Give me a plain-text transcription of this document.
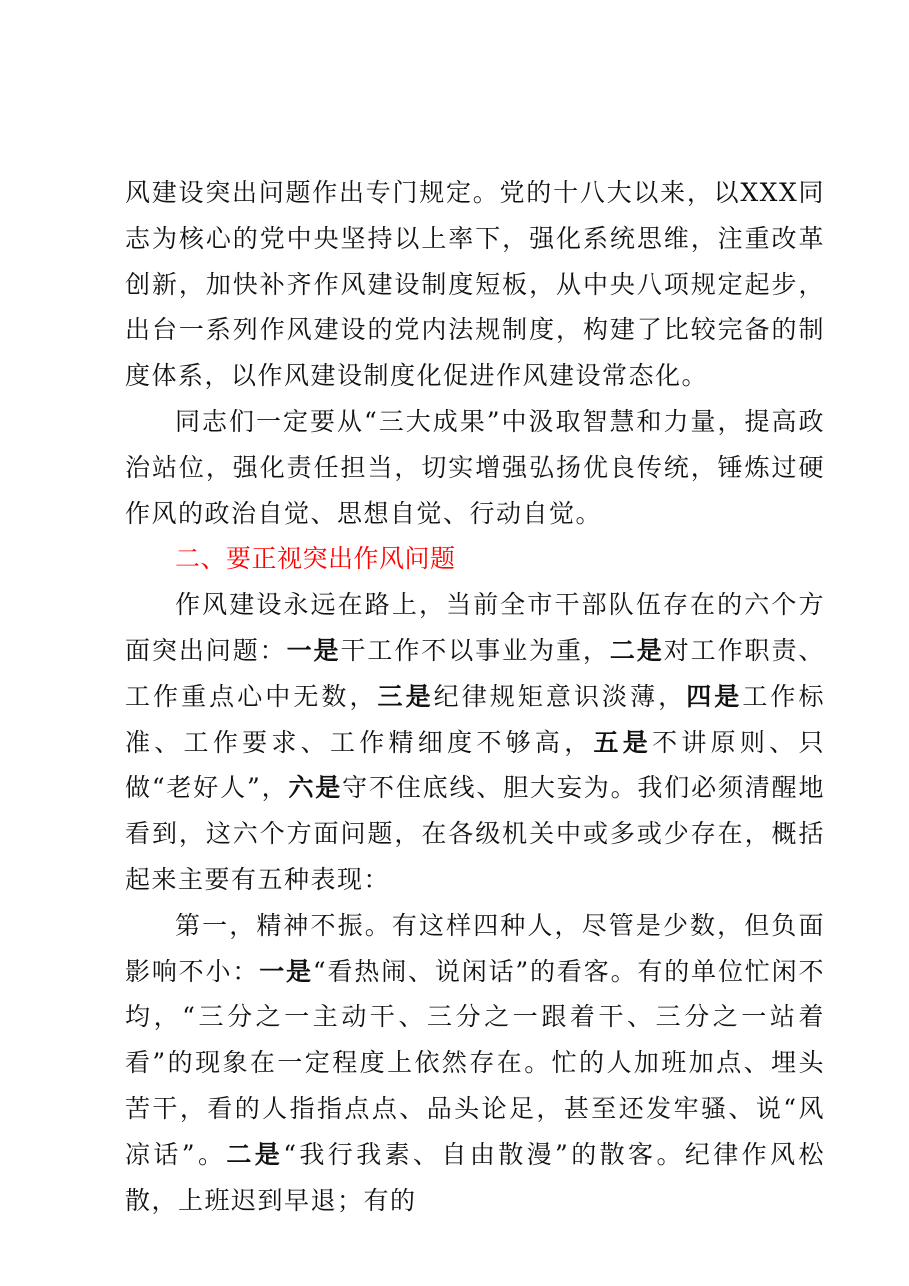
风建设突出问题作出专门规定。党的十八大以来，以XXX同志为核心的党中央坚持以上率下，强化系统思维，注重改革创新，加快补齐作风建设制度短板，从中央八项规定起步，出台一系列作风建设的党内法规制度，构建了比较完备的制度体系，以作风建设制度化促进作风建设常态化。

同志们一定要从“三大成果”中汲取智慧和力量，提高政治站位，强化责任担当，切实增强弘扬优良传统，锤炼过硬作风的政治自觉、思想自觉、行动自觉。

二、要正视突出作风问题

作风建设永远在路上，当前全市干部队伍存在的六个方面突出问题：一是干工作不以事业为重，二是对工作职责、工作重点心中无数，三是纪律规矩意识淡薄，四是工作标准、工作要求、工作精细度不够高，五是不讲原则、只做“老好人”，六是守不住底线、胆大妄为。我们必须清醒地看到，这六个方面问题，在各级机关中或多或少存在，概括起来主要有五种表现：

第一，精神不振。有这样四种人，尽管是少数，但负面影响不小：一是“看热闹、说闲话”的看客。有的单位忙闲不均，“三分之一主动干、三分之一跟着干、三分之一站着看”的现象在一定程度上依然存在。忙的人加班加点、埋头苦干，看的人指指点点、品头论足，甚至还发牢骚、说“风凉话”。二是“我行我素、自由散漫”的散客。纪律作风松散，上班迟到早退；有的
